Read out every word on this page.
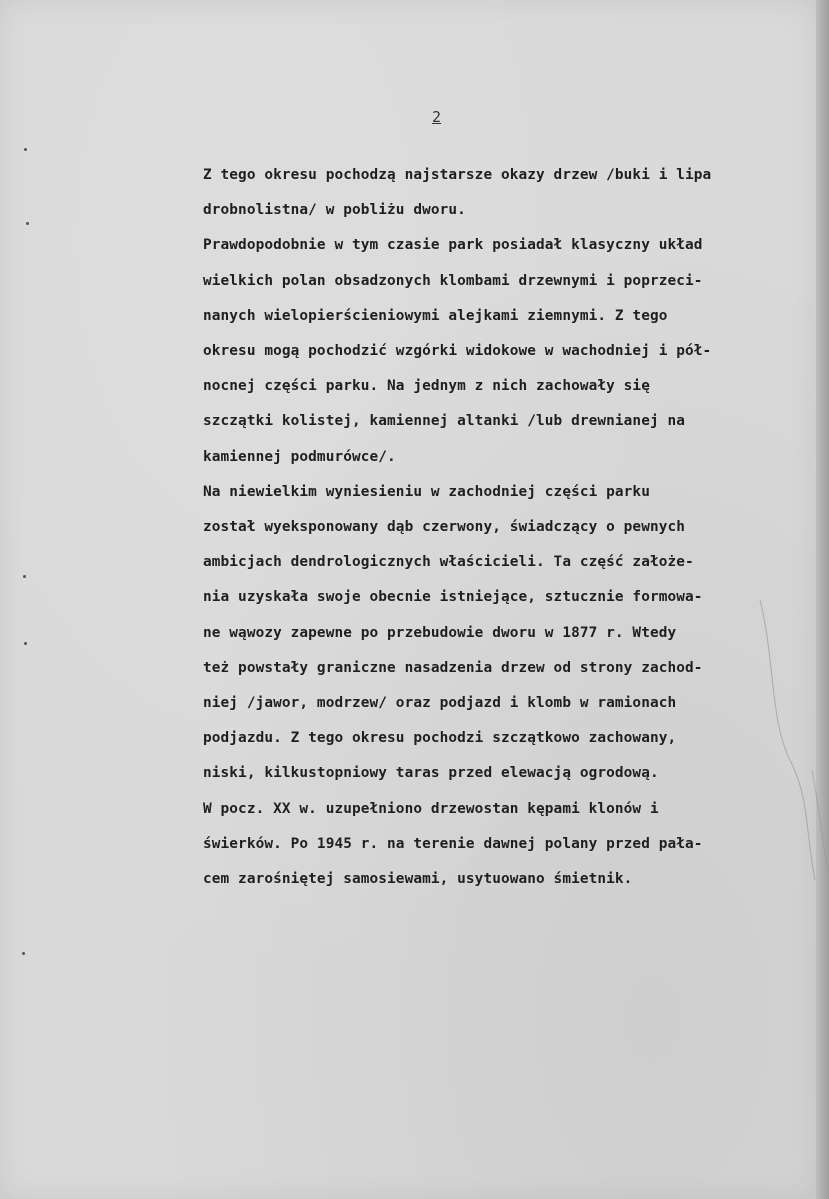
2
Z tego okresu pochodzą najstarsze okazy drzew /buki i lipa
drobnolistna/ w pobliżu dworu.
Prawdopodobnie w tym czasie park posiadał klasyczny układ
wielkich polan obsadzonych klombami drzewnymi i poprzeci-
nanych wielopierścieniowymi alejkami ziemnymi. Z tego
okresu mogą pochodzić wzgórki widokowe w wachodniej i pół-
nocnej części parku. Na jednym z nich zachowały się
szczątki kolistej, kamiennej altanki /lub drewnianej na
kamiennej podmurówce/.
Na niewielkim wyniesieniu w zachodniej części parku
został wyeksponowany dąb czerwony, świadczący o pewnych
ambicjach dendrologicznych właścicieli. Ta część założe-
nia uzyskała swoje obecnie istniejące, sztucznie formowa-
ne wąwozy zapewne po przebudowie dworu w 1877 r. Wtedy
też powstały graniczne nasadzenia drzew od strony zachod-
niej /jawor, modrzew/ oraz podjazd i klomb w ramionach
podjazdu. Z tego okresu pochodzi szczątkowo zachowany,
niski, kilkustopniowy taras przed elewacją ogrodową.
W pocz. XX w. uzupełniono drzewostan kępami klonów i
świerków. Po 1945 r. na terenie dawnej polany przed pała-
cem zarośniętej samosiewami, usytuowano śmietnik.
